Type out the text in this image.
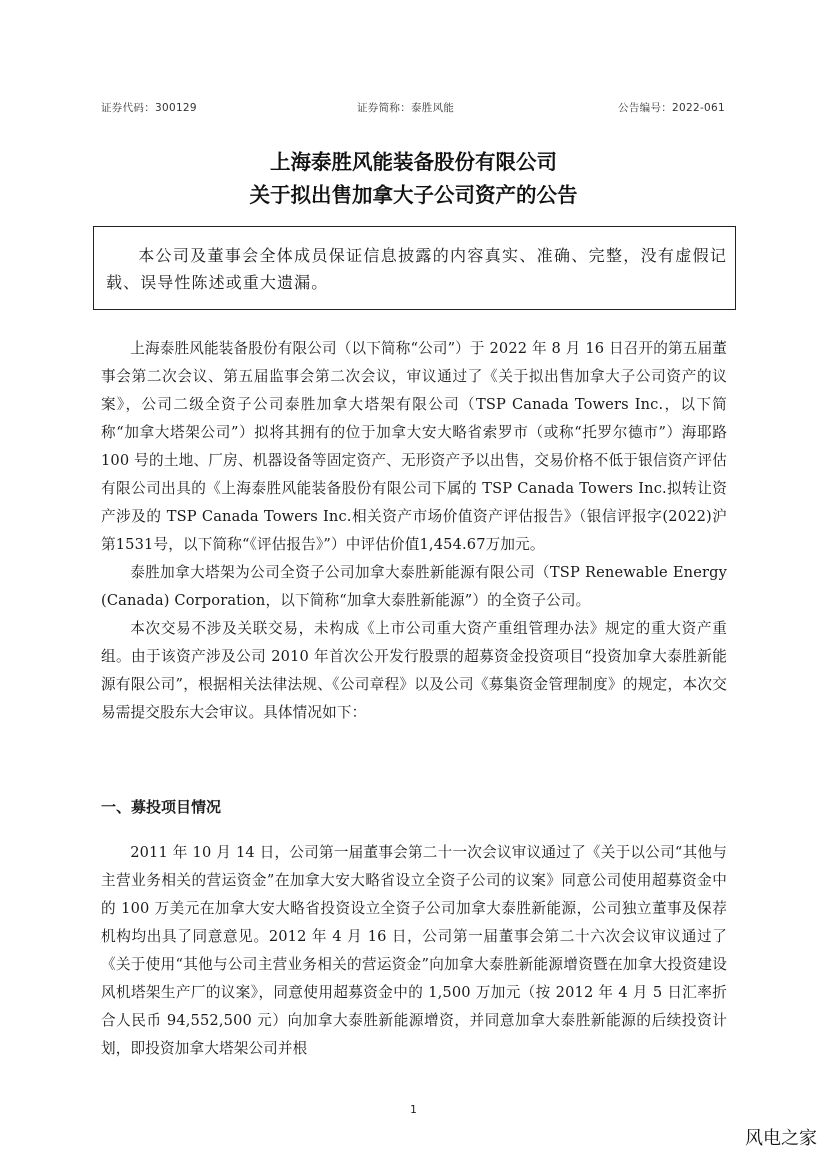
证券代码：300129	证券简称：泰胜风能	公告编号：2022-061
上海泰胜风能装备股份有限公司
关于拟出售加拿大子公司资产的公告
本公司及董事会全体成员保证信息披露的内容真实、准确、完整，没有虚假记载、误导性陈述或重大遗漏。

上海泰胜风能装备股份有限公司（以下简称“公司”）于 2022 年 8 月 16 日召开的第五届董事会第二次会议、第五届监事会第二次会议，审议通过了《关于拟出售加拿大子公司资产的议案》，公司二级全资子公司泰胜加拿大塔架有限公司（TSP Canada Towers Inc.，以下简称“加拿大塔架公司”）拟将其拥有的位于加拿大安大略省索罗市（或称“托罗尔德市”）海耶路 100 号的土地、厂房、机器设备等固定资产、无形资产予以出售，交易价格不低于银信资产评估有限公司出具的《上海泰胜风能装备股份有限公司下属的 TSP Canada Towers Inc.拟转让资产涉及的 TSP Canada Towers Inc.相关资产市场价值资产评估报告》（银信评报字(2022)沪第1531号，以下简称“《评估报告》”）中评估价值1,454.67万加元。

泰胜加拿大塔架为公司全资子公司加拿大泰胜新能源有限公司（TSP Renewable Energy (Canada) Corporation，以下简称“加拿大泰胜新能源”）的全资子公司。

本次交易不涉及关联交易，未构成《上市公司重大资产重组管理办法》规定的重大资产重组。由于该资产涉及公司 2010 年首次公开发行股票的超募资金投资项目“投资加拿大泰胜新能源有限公司”，根据相关法律法规、《公司章程》以及公司《募集资金管理制度》的规定，本次交易需提交股东大会审议。具体情况如下：

一、募投项目情况

2011 年 10 月 14 日，公司第一届董事会第二十一次会议审议通过了《关于以公司“其他与主营业务相关的营运资金”在加拿大安大略省设立全资子公司的议案》同意公司使用超募资金中的 100 万美元在加拿大安大略省投资设立全资子公司加拿大泰胜新能源，公司独立董事及保荐机构均出具了同意意见。2012 年 4 月 16 日，公司第一届董事会第二十六次会议审议通过了《关于使用“其他与公司主营业务相关的营运资金”向加拿大泰胜新能源增资暨在加拿大投资建设风机塔架生产厂的议案》，同意使用超募资金中的 1,500 万加元（按 2012 年 4 月 5 日汇率折合人民币 94,552,500 元）向加拿大泰胜新能源增资，并同意加拿大泰胜新能源的后续投资计划，即投资加拿大塔架公司并根

1
风电之家
